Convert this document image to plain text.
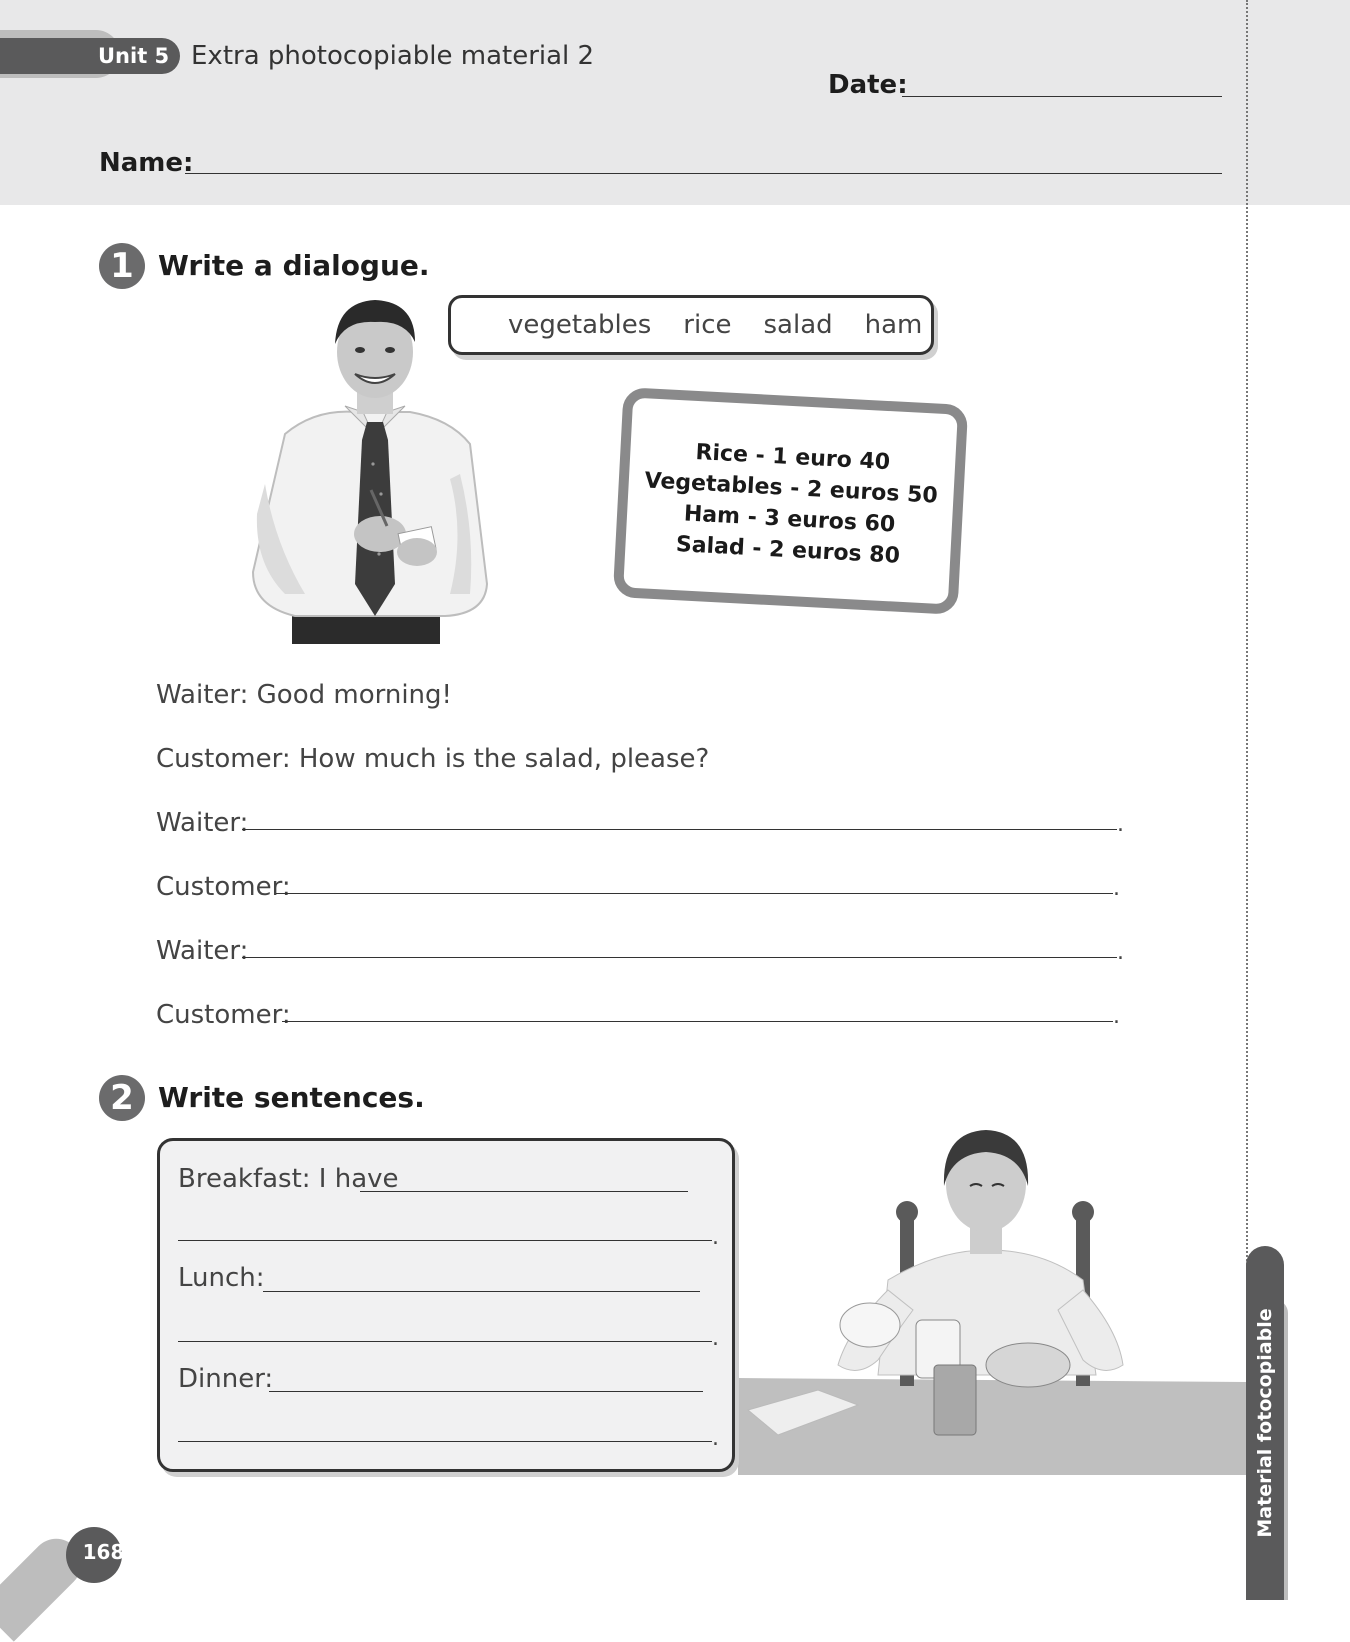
Unit 5 Extra photocopiable material 2
Date:
Name:
1 Write a dialogue.
vegetables rice salad ham
Rice - 1 euro 40
Vegetables - 2 euros 50
Ham - 3 euros 60
Salad - 2 euros 80
Waiter: Good morning!
Customer: How much is the salad, please?
Waiter:	.
Customer:	.
Waiter:	.
Customer:	.
2 Write sentences.
Breakfast: I have
.
Lunch:
.
Dinner:
.	Material fotocopiable
168
